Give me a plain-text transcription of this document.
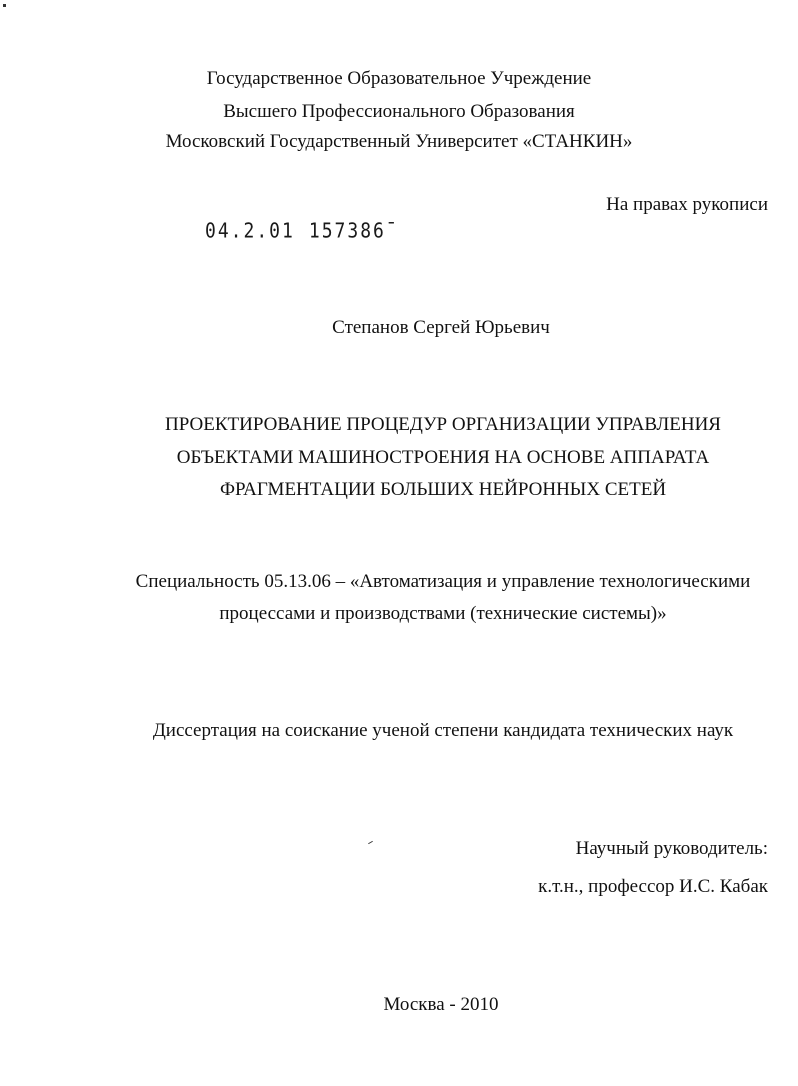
Государственное Образовательное Учреждение
Высшего Профессионального Образования
Московский Государственный Университет «СТАНКИН»
На правах рукописи
04.2.01 157386ˉ
Степанов Сергей Юрьевич
ПРОЕКТИРОВАНИЕ ПРОЦЕДУР ОРГАНИЗАЦИИ УПРАВЛЕНИЯ
ОБЪЕКТАМИ МАШИНОСТРОЕНИЯ НА ОСНОВЕ АППАРАТА
ФРАГМЕНТАЦИИ БОЛЬШИХ НЕЙРОННЫХ СЕТЕЙ
Специальность 05.13.06 – «Автоматизация и управление технологическими
процессами и производствами (технические системы)»
Диссертация на соискание ученой степени кандидата технических наук
Научный руководитель:
к.т.н., профессор И.С. Кабак
Москва - 2010
